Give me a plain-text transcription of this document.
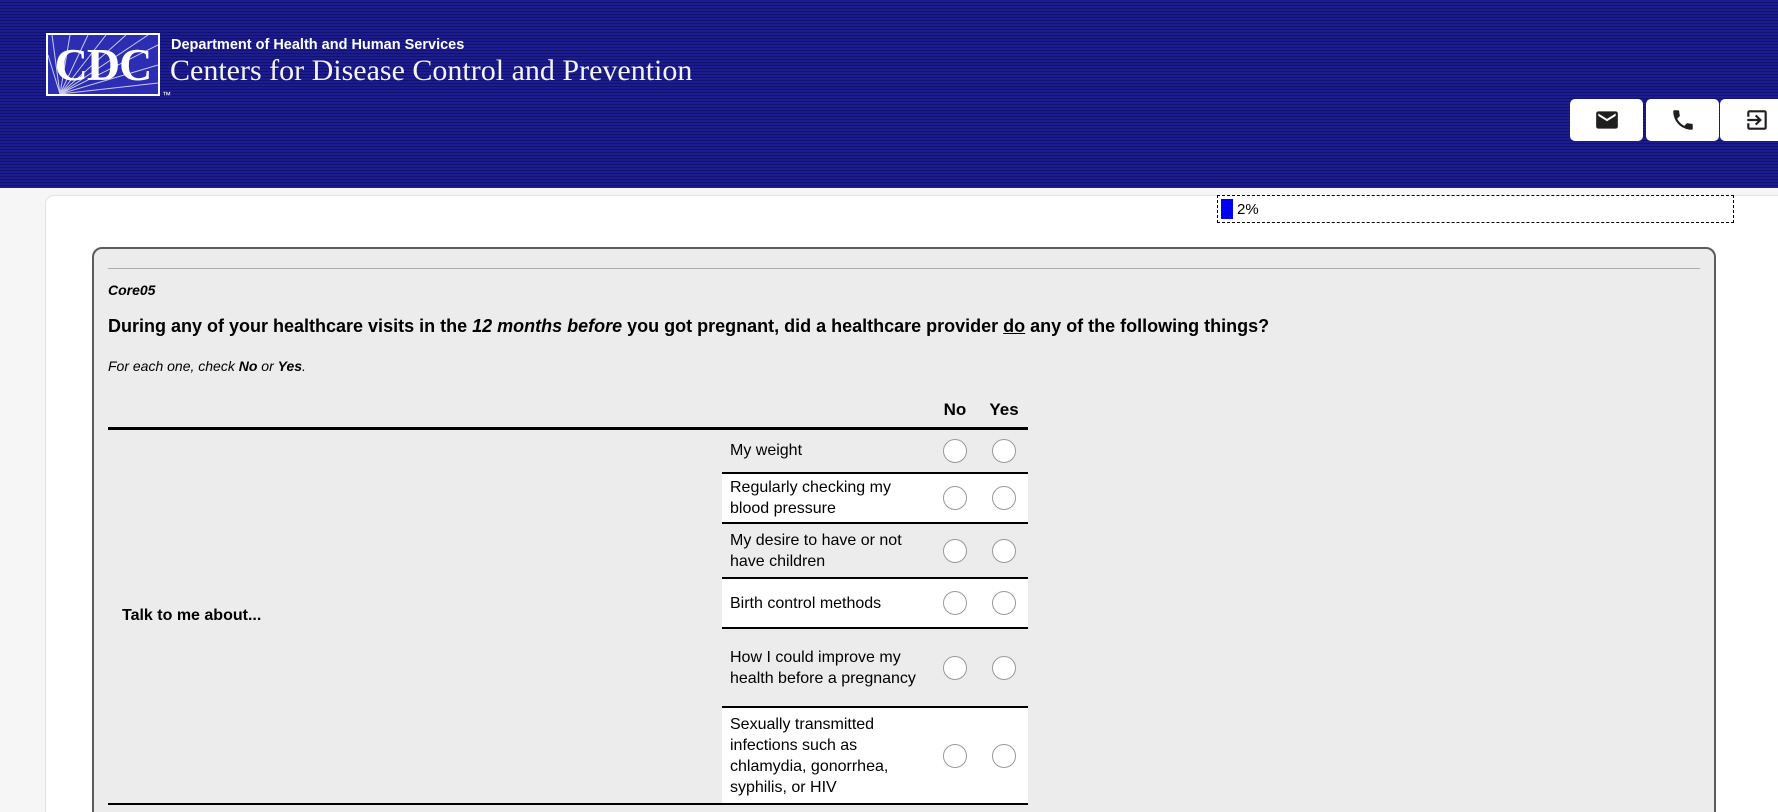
CDC
™
Department of Health and Human Services
Centers for Disease Control and Prevention
2%
Core05
During any of your healthcare visits in the 12 months before you got pregnant, did a healthcare provider do any of the following things?
For each one, check No or Yes.
		No	Yes
Talk to me about...	My weight		
	Regularly checking my blood pressure		
	My desire to have or not have children		
	Birth control methods		
	How I could improve my health before a pregnancy		
	Sexually transmitted infections such as chlamydia, gonorrhea, syphilis, or HIV		
